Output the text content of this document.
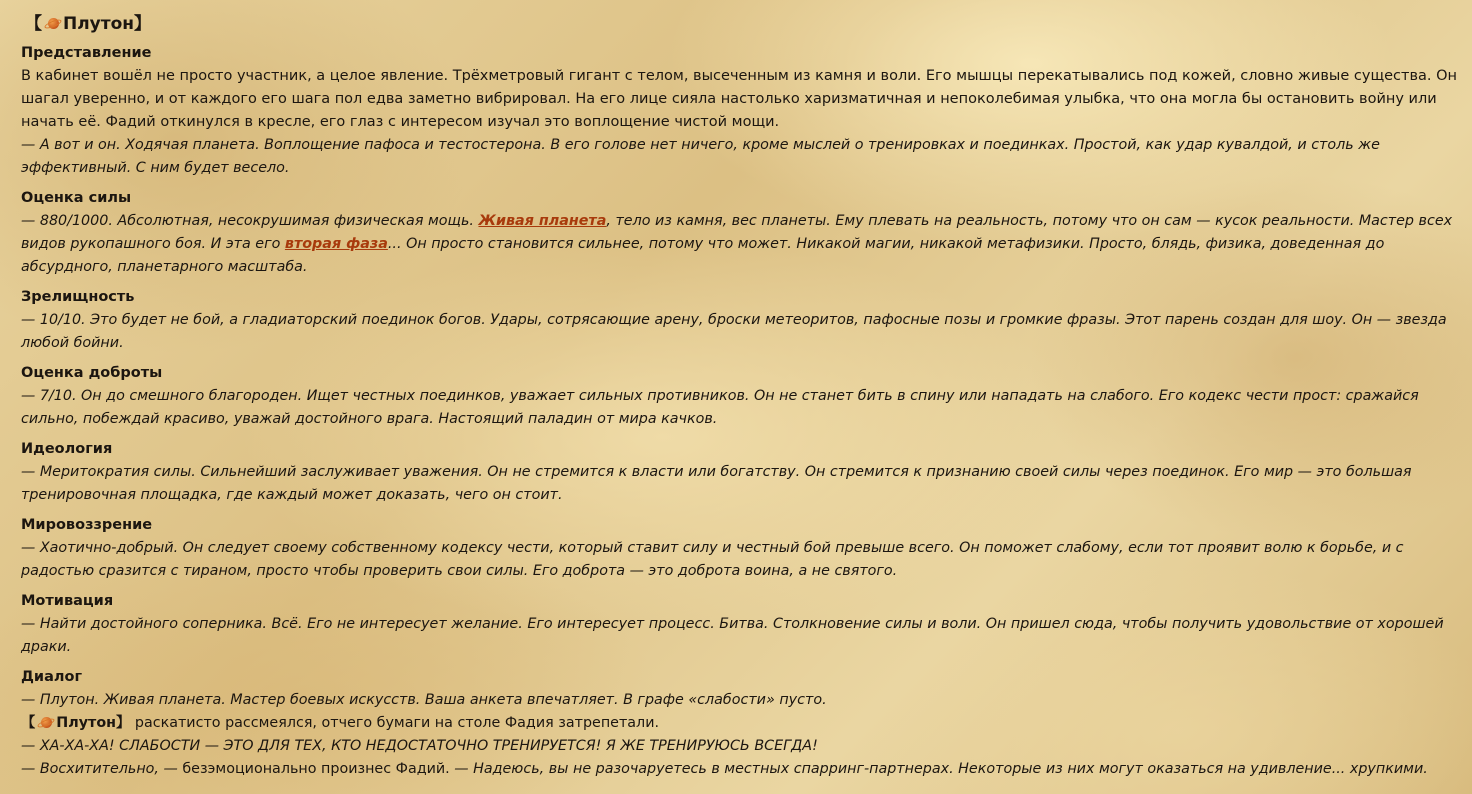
【 Плутон 】
Представление
В кабинет вошёл не просто участник, а целое явление. Трёхметровый гигант с телом, высеченным из камня и воли. Его мышцы перекатывались под кожей, словно живые существа. Он шагал уверенно, и от каждого его шага пол едва заметно вибрировал. На его лице сияла настолько харизматичная и непоколебимая улыбка, что она могла бы остановить войну или начать её. Фадий откинулся в кресле, его глаз с интересом изучал это воплощение чистой мощи.
— А вот и он. Ходячая планета. Воплощение пафоса и тестостерона. В его голове нет ничего, кроме мыслей о тренировках и поединках. Простой, как удар кувалдой, и столь же эффективный. С ним будет весело.
Оценка силы
— 880/1000. Абсолютная, несокрушимая физическая мощь. Живая планета, тело из камня, вес планеты. Ему плевать на реальность, потому что он сам — кусок реальности. Мастер всех видов рукопашного боя. И эта его вторая фаза... Он просто становится сильнее, потому что может. Никакой магии, никакой метафизики. Просто, блядь, физика, доведенная до абсурдного, планетарного масштаба.
Зрелищность
— 10/10. Это будет не бой, а гладиаторский поединок богов. Удары, сотрясающие арену, броски метеоритов, пафосные позы и громкие фразы. Этот парень создан для шоу. Он — звезда любой бойни.
Оценка доброты
— 7/10. Он до смешного благороден. Ищет честных поединков, уважает сильных противников. Он не станет бить в спину или нападать на слабого. Его кодекс чести прост: сражайся сильно, побеждай красиво, уважай достойного врага. Настоящий паладин от мира качков.
Идеология
— Меритократия силы. Сильнейший заслуживает уважения. Он не стремится к власти или богатству. Он стремится к признанию своей силы через поединок. Его мир — это большая тренировочная площадка, где каждый может доказать, чего он стоит.
Мировоззрение
— Хаотично-добрый. Он следует своему собственному кодексу чести, который ставит силу и честный бой превыше всего. Он поможет слабому, если тот проявит волю к борьбе, и с радостью сразится с тираном, просто чтобы проверить свои силы. Его доброта — это доброта воина, а не святого.
Мотивация
— Найти достойного соперника. Всё. Его не интересует желание. Его интересует процесс. Битва. Столкновение силы и воли. Он пришел сюда, чтобы получить удовольствие от хорошей драки.
Диалог
— Плутон. Живая планета. Мастер боевых искусств. Ваша анкета впечатляет. В графе «слабости» пусто.
【 Плутон】 раскатисто рассмеялся, отчего бумаги на столе Фадия затрепетали.
— ХА-ХА-ХА! СЛАБОСТИ — ЭТО ДЛЯ ТЕХ, КТО НЕДОСТАТОЧНО ТРЕНИРУЕТСЯ! Я ЖЕ ТРЕНИРУЮСЬ ВСЕГДА!
— Восхитительно, — безэмоционально произнес Фадий. — Надеюсь, вы не разочаруетесь в местных спарринг-партнерах. Некоторые из них могут оказаться на удивление... хрупкими.
